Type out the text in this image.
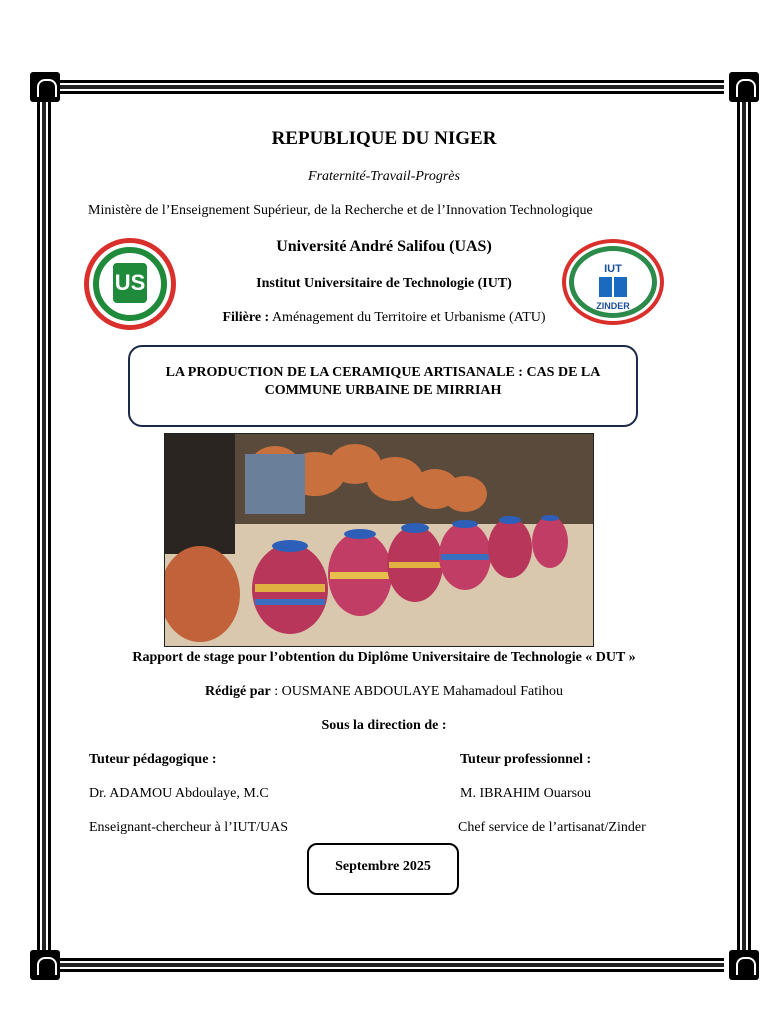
REPUBLIQUE DU NIGER
Fraternité-Travail-Progrès
Ministère de l’Enseignement Supérieur, de la Recherche et de l’Innovation Technologique
Université André Salifou (UAS)
Institut Universitaire de Technologie (IUT)
Filière : Aménagement du Territoire et Urbanisme (ATU)
US
IUT
ZINDER
LA PRODUCTION DE LA CERAMIQUE ARTISANALE : CAS DE LA
COMMUNE URBAINE DE MIRRIAH
Rapport de stage pour l’obtention du Diplôme Universitaire de Technologie « DUT »
Rédigé par : OUSMANE ABDOULAYE Mahamadoul Fatihou
Sous la direction de :
Tuteur pédagogique :
Dr. ADAMOU Abdoulaye, M.C
Enseignant-chercheur à l’IUT/UAS
Tuteur professionnel :
M. IBRAHIM Ouarsou
Chef service de l’artisanat/Zinder
Septembre 2025
